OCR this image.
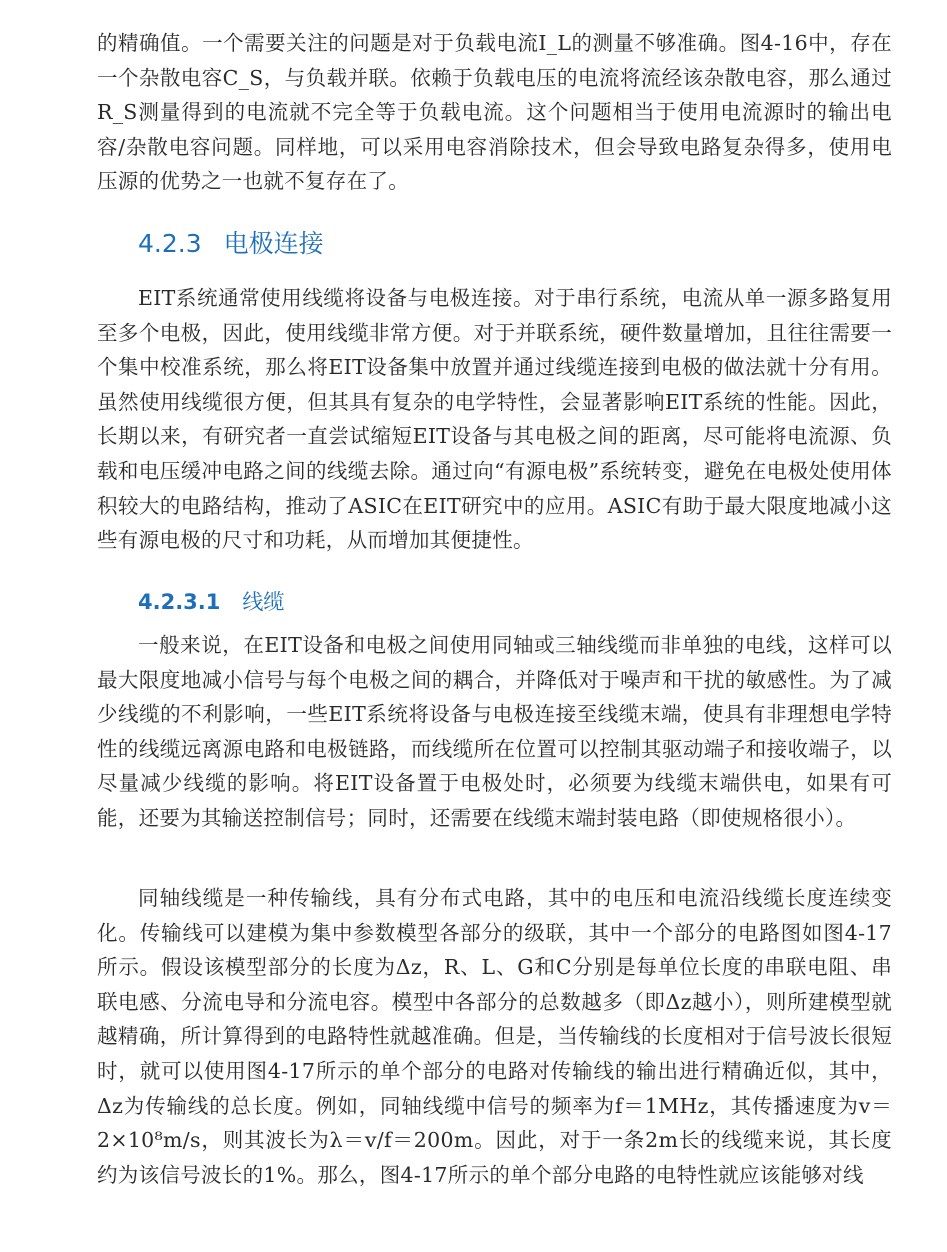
的精确值。一个需要关注的问题是对于负载电流I_L的测量不够准确。图4-16中，存在一个杂散电容C_S，与负载并联。依赖于负载电压的电流将流经该杂散电容，那么通过R_S测量得到的电流就不完全等于负载电流。这个问题相当于使用电流源时的输出电容/杂散电容问题。同样地，可以采用电容消除技术，但会导致电路复杂得多，使用电压源的优势之一也就不复存在了。

4.2.3 电极连接

EIT系统通常使用线缆将设备与电极连接。对于串行系统，电流从单一源多路复用至多个电极，因此，使用线缆非常方便。对于并联系统，硬件数量增加，且往往需要一个集中校准系统，那么将EIT设备集中放置并通过线缆连接到电极的做法就十分有用。虽然使用线缆很方便，但其具有复杂的电学特性，会显著影响EIT系统的性能。因此，长期以来，有研究者一直尝试缩短EIT设备与其电极之间的距离，尽可能将电流源、负载和电压缓冲电路之间的线缆去除。通过向“有源电极”系统转变，避免在电极处使用体积较大的电路结构，推动了ASIC在EIT研究中的应用。ASIC有助于最大限度地减小这些有源电极的尺寸和功耗，从而增加其便捷性。

4.2.3.1 线缆

一般来说，在EIT设备和电极之间使用同轴或三轴线缆而非单独的电线，这样可以最大限度地减小信号与每个电极之间的耦合，并降低对于噪声和干扰的敏感性。为了减少线缆的不利影响，一些EIT系统将设备与电极连接至线缆末端，使具有非理想电学特性的线缆远离源电路和电极链路，而线缆所在位置可以控制其驱动端子和接收端子，以尽量减少线缆的影响。将EIT设备置于电极处时，必须要为线缆末端供电，如果有可能，还要为其输送控制信号；同时，还需要在线缆末端封装电路（即使规格很小）。

同轴线缆是一种传输线，具有分布式电路，其中的电压和电流沿线缆长度连续变化。传输线可以建模为集中参数模型各部分的级联，其中一个部分的电路图如图4-17所示。假设该模型部分的长度为Δz，R、L、G和C分别是每单位长度的串联电阻、串联电感、分流电导和分流电容。模型中各部分的总数越多（即Δz越小），则所建模型就越精确，所计算得到的电路特性就越准确。但是，当传输线的长度相对于信号波长很短时，就可以使用图4-17所示的单个部分的电路对传输线的输出进行精确近似，其中，Δz为传输线的总长度。例如，同轴线缆中信号的频率为f＝1MHz，其传播速度为v＝2×10⁸m/s，则其波长为λ＝v/f＝200m。因此，对于一条2m长的线缆来说，其长度约为该信号波长的1%。那么，图4-17所示的单个部分电路的电特性就应该能够对线
